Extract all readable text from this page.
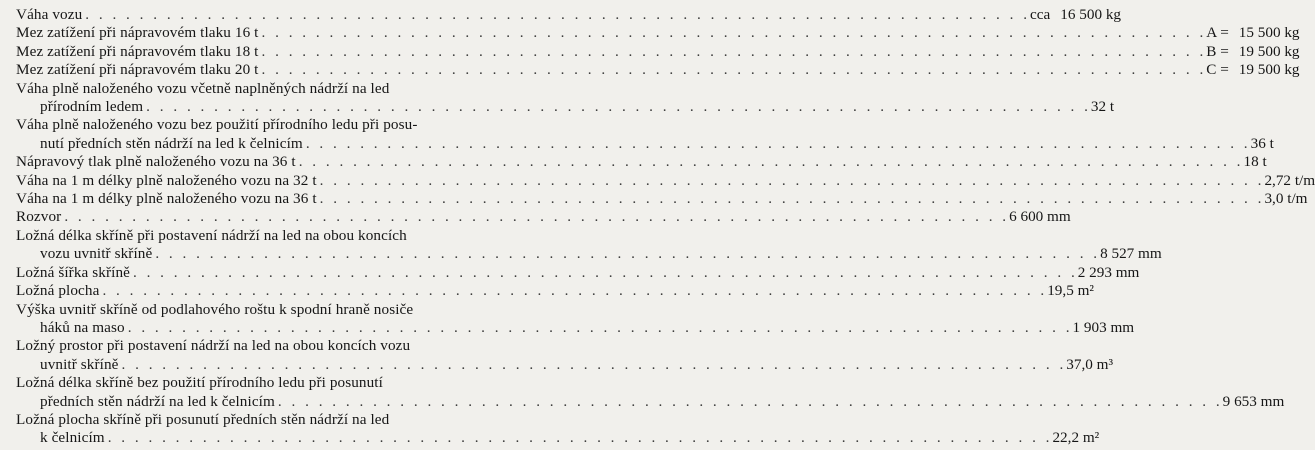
Váha vozu . . .	cca 16 500 kg
Mez zatížení při nápravovém tlaku 16 t . . .	A = 15 500 kg
Mez zatížení při nápravovém tlaku 18 t . . .	B = 19 500 kg
Mez zatížení při nápravovém tlaku 20 t . . .	C = 19 500 kg
Váha plně naloženého vozu včetně naplněných nádrží na led
přírodním ledem . . .	32 t
Váha plně naloženého vozu bez použití přírodního ledu při posu-
nutí předních stěn nádrží na led k čelnicím . . .	36 t
Nápravový tlak plně naloženého vozu na 36 t . . .	18 t
Váha na 1 m délky plně naloženého vozu na 32 t . . .	2,72 t/m
Váha na 1 m délky plně naloženého vozu na 36 t . . .	3,0 t/m
Rozvor . . .	6 600 mm
Ložná délka skříně při postavení nádrží na led na obou koncích
vozu uvnitř skříně . . .	8 527 mm
Ložná šířka skříně . . .	2 293 mm
Ložná plocha . . .	19,5 m²
Výška uvnitř skříně od podlahového roštu k spodní hraně nosiče
háků na maso . . .	1 903 mm
Ložný prostor při postavení nádrží na led na obou koncích vozu
uvnitř skříně . . .	37,0 m³
Ložná délka skříně bez použití přírodního ledu při posunutí
předních stěn nádrží na led k čelnicím . . .	9 653 mm
Ložná plocha skříně při posunutí předních stěn nádrží na led
k čelnicím . . .	22,2 m²
